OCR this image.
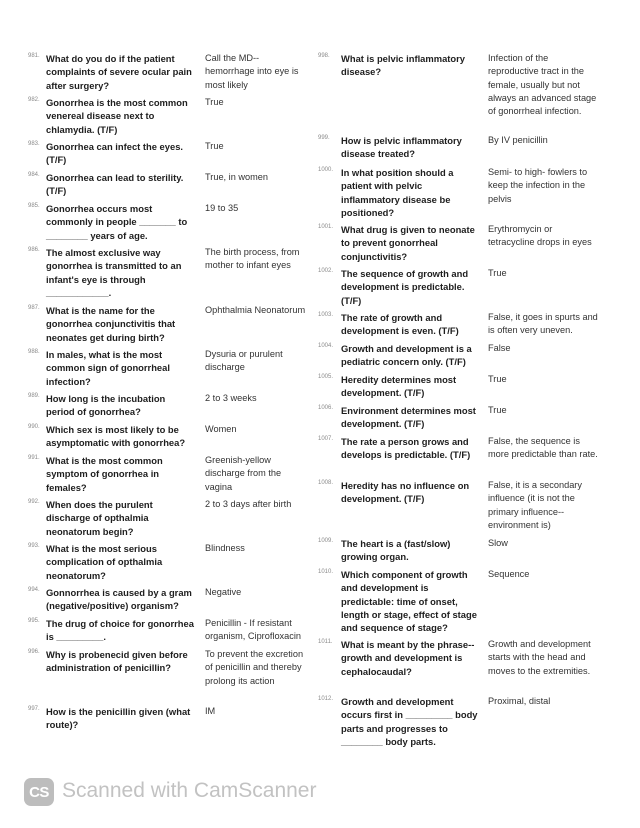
981. What do you do if the patient complaints of severe ocular pain after surgery?
Call the MD-- hemorrhage into eye is most likely
982. Gonorrhea is the most common venereal disease next to chlamydia. (T/F)
True
983. Gonorrhea can infect the eyes. (T/F)
True
984. Gonorrhea can lead to sterility. (T/F)
True, in women
985. Gonorrhea occurs most commonly in people _______ to ________ years of age.
19 to 35
986. The almost exclusive way gonorrhea is transmitted to an infant's eye is through ____________.
The birth process, from mother to infant eyes
987. What is the name for the gonorrhea conjunctivitis that neonates get during birth?
Ophthalmia Neonatorum
988. In males, what is the most common sign of gonorrheal infection?
Dysuria or purulent discharge
989. How long is the incubation period of gonorrhea?
2 to 3 weeks
990. Which sex is most likely to be asymptomatic with gonorrhea?
Women
991. What is the most common symptom of gonorrhea in females?
Greenish-yellow discharge from the vagina
992. When does the purulent discharge of opthalmia neonatorum begin?
2 to 3 days after birth
993. What is the most serious complication of opthalmia neonatorum?
Blindness
994. Gonnorrhea is caused by a gram (negative/positive) organism?
Negative
995. The drug of choice for gonorrhea is _________.
Penicillin - If resistant organism, Ciprofloxacin
996. Why is probenecid given before administration of penicillin?
To prevent the excretion of penicillin and thereby prolong its action
997. How is the penicillin given (what route)?
IM
998. What is pelvic inflammatory disease?
Infection of the reproductive tract in the female, usually but not always an advanced stage of gonorrheal infection.
999. How is pelvic inflammatory disease treated?
By IV penicillin
1000. In what position should a patient with pelvic inflammatory disease be positioned?
Semi- to high- fowlers to keep the infection in the pelvis
1001. What drug is given to neonate to prevent gonorrheal conjunctivitis?
Erythromycin or tetracycline drops in eyes
1002. The sequence of growth and development is predictable. (T/F)
True
1003. The rate of growth and development is even. (T/F)
False, it goes in spurts and is often very uneven.
1004. Growth and development is a pediatric concern only. (T/F)
False
1005. Heredity determines most development. (T/F)
True
1006. Environment determines most development. (T/F)
True
1007. The rate a person grows and develops is predictable. (T/F)
False, the sequence is more predictable than rate.
1008. Heredity has no influence on development. (T/F)
False, it is a secondary influence (it is not the primary influence--environment is)
1009. The heart is a (fast/slow) growing organ.
Slow
1010. Which component of growth and development is predictable: time of onset, length or stage, effect of stage and sequence of stage?
Sequence
1011. What is meant by the phrase--growth and development is cephalocaudal?
Growth and development starts with the head and moves to the extremities.
1012. Growth and development occurs first in _________ body parts and progresses to ________ body parts.
Proximal, distal
CS Scanned with CamScanner
